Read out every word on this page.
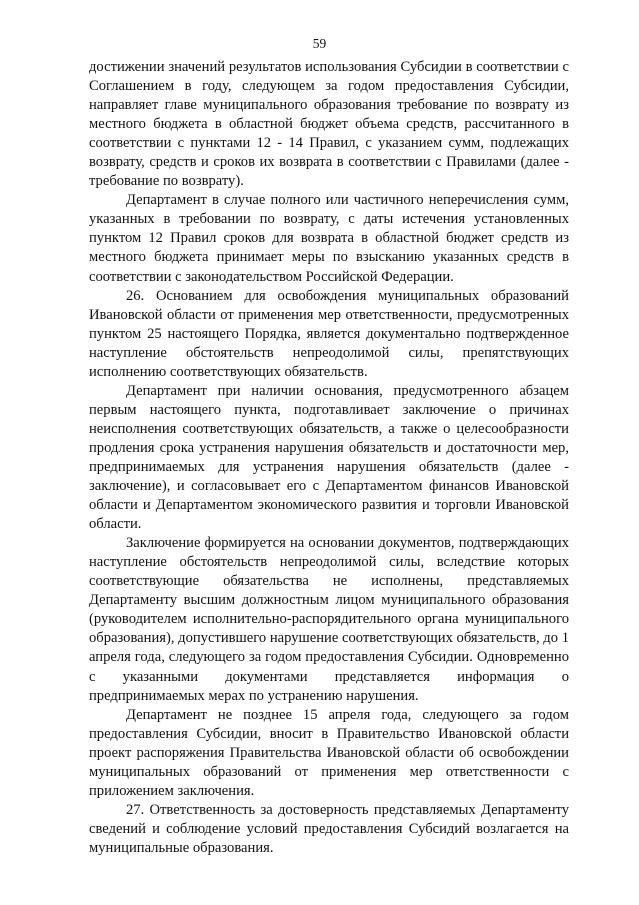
59

достижении значений результатов использования Субсидии в соответствии с Соглашением в году, следующем за годом предоставления Субсидии, направляет главе муниципального образования требование по возврату из местного бюджета в областной бюджет объема средств, рассчитанного в соответствии с пунктами 12 - 14 Правил, с указанием сумм, подлежащих возврату, средств и сроков их возврата в соответствии с Правилами (далее - требование по возврату).

Департамент в случае полного или частичного неперечисления сумм, указанных в требовании по возврату, с даты истечения установленных пунктом 12 Правил сроков для возврата в областной бюджет средств из местного бюджета принимает меры по взысканию указанных средств в соответствии с законодательством Российской Федерации.

26. Основанием для освобождения муниципальных образований Ивановской области от применения мер ответственности, предусмотренных пунктом 25 настоящего Порядка, является документально подтвержденное наступление обстоятельств непреодолимой силы, препятствующих исполнению соответствующих обязательств.

Департамент при наличии основания, предусмотренного абзацем первым настоящего пункта, подготавливает заключение о причинах неисполнения соответствующих обязательств, а также о целесообразности продления срока устранения нарушения обязательств и достаточности мер, предпринимаемых для устранения нарушения обязательств (далее - заключение), и согласовывает его с Департаментом финансов Ивановской области и Департаментом экономического развития и торговли Ивановской области.

Заключение формируется на основании документов, подтверждающих наступление обстоятельств непреодолимой силы, вследствие которых соответствующие обязательства не исполнены, представляемых Департаменту высшим должностным лицом муниципального образования (руководителем исполнительно-распорядительного органа муниципального образования), допустившего нарушение соответствующих обязательств, до 1 апреля года, следующего за годом предоставления Субсидии. Одновременно с указанными документами представляется информация о предпринимаемых мерах по устранению нарушения.

Департамент не позднее 15 апреля года, следующего за годом предоставления Субсидии, вносит в Правительство Ивановской области проект распоряжения Правительства Ивановской области об освобождении муниципальных образований от применения мер ответственности с приложением заключения.

27. Ответственность за достоверность представляемых Департаменту сведений и соблюдение условий предоставления Субсидий возлагается на муниципальные образования.
